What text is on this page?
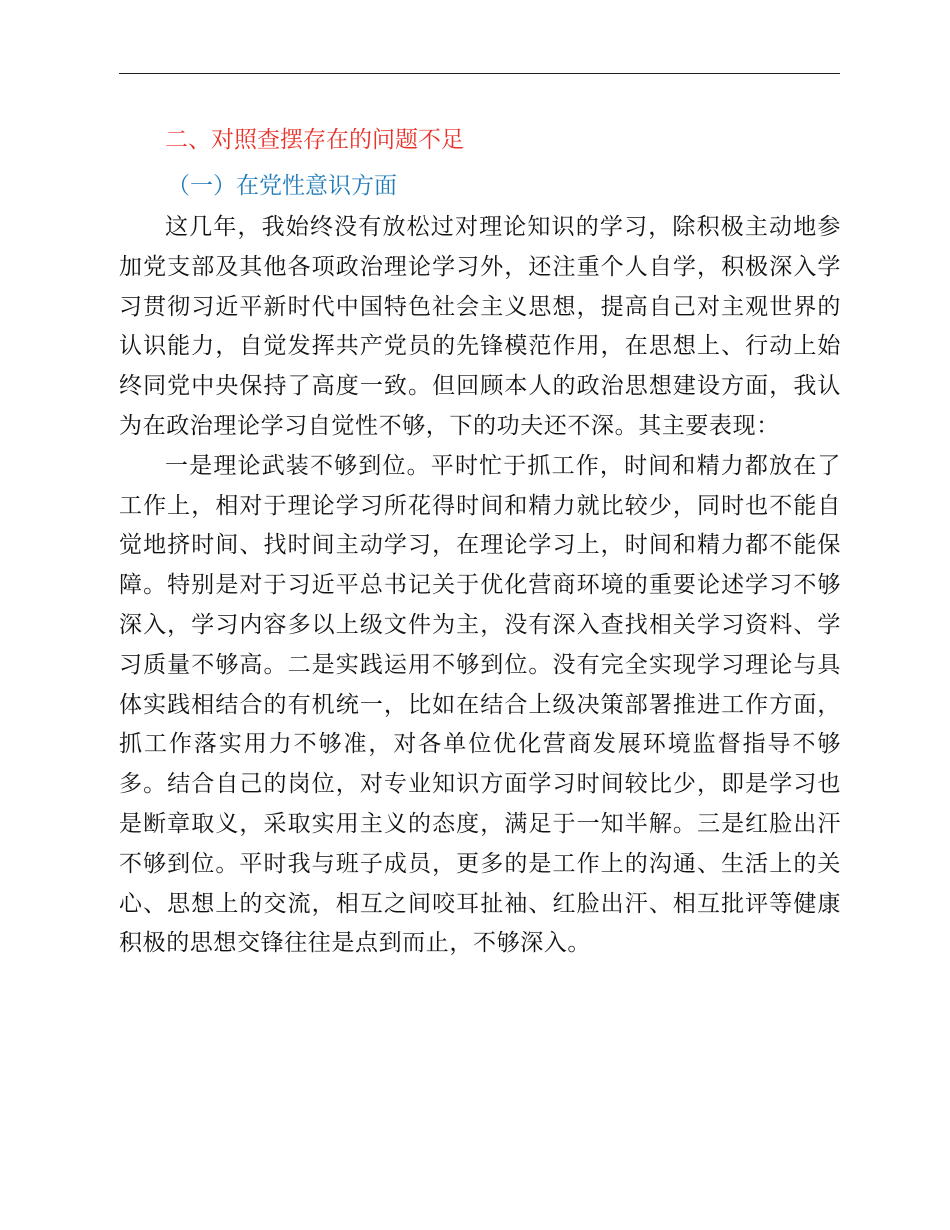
二、对照查摆存在的问题不足
（一）在党性意识方面

这几年，我始终没有放松过对理论知识的学习，除积极主动地参加党支部及其他各项政治理论学习外，还注重个人自学，积极深入学习贯彻习近平新时代中国特色社会主义思想，提高自己对主观世界的认识能力，自觉发挥共产党员的先锋模范作用，在思想上、行动上始终同党中央保持了高度一致。但回顾本人的政治思想建设方面，我认为在政治理论学习自觉性不够，下的功夫还不深。其主要表现：

一是理论武装不够到位。平时忙于抓工作，时间和精力都放在了工作上，相对于理论学习所花得时间和精力就比较少，同时也不能自觉地挤时间、找时间主动学习，在理论学习上，时间和精力都不能保障。特别是对于习近平总书记关于优化营商环境的重要论述学习不够深入，学习内容多以上级文件为主，没有深入查找相关学习资料、学习质量不够高。二是实践运用不够到位。没有完全实现学习理论与具体实践相结合的有机统一，比如在结合上级决策部署推进工作方面，抓工作落实用力不够准，对各单位优化营商发展环境监督指导不够多。结合自己的岗位，对专业知识方面学习时间较比少，即是学习也是断章取义，采取实用主义的态度，满足于一知半解。三是红脸出汗不够到位。平时我与班子成员，更多的是工作上的沟通、生活上的关心、思想上的交流，相互之间咬耳扯袖、红脸出汗、相互批评等健康积极的思想交锋往往是点到而止，不够深入。
